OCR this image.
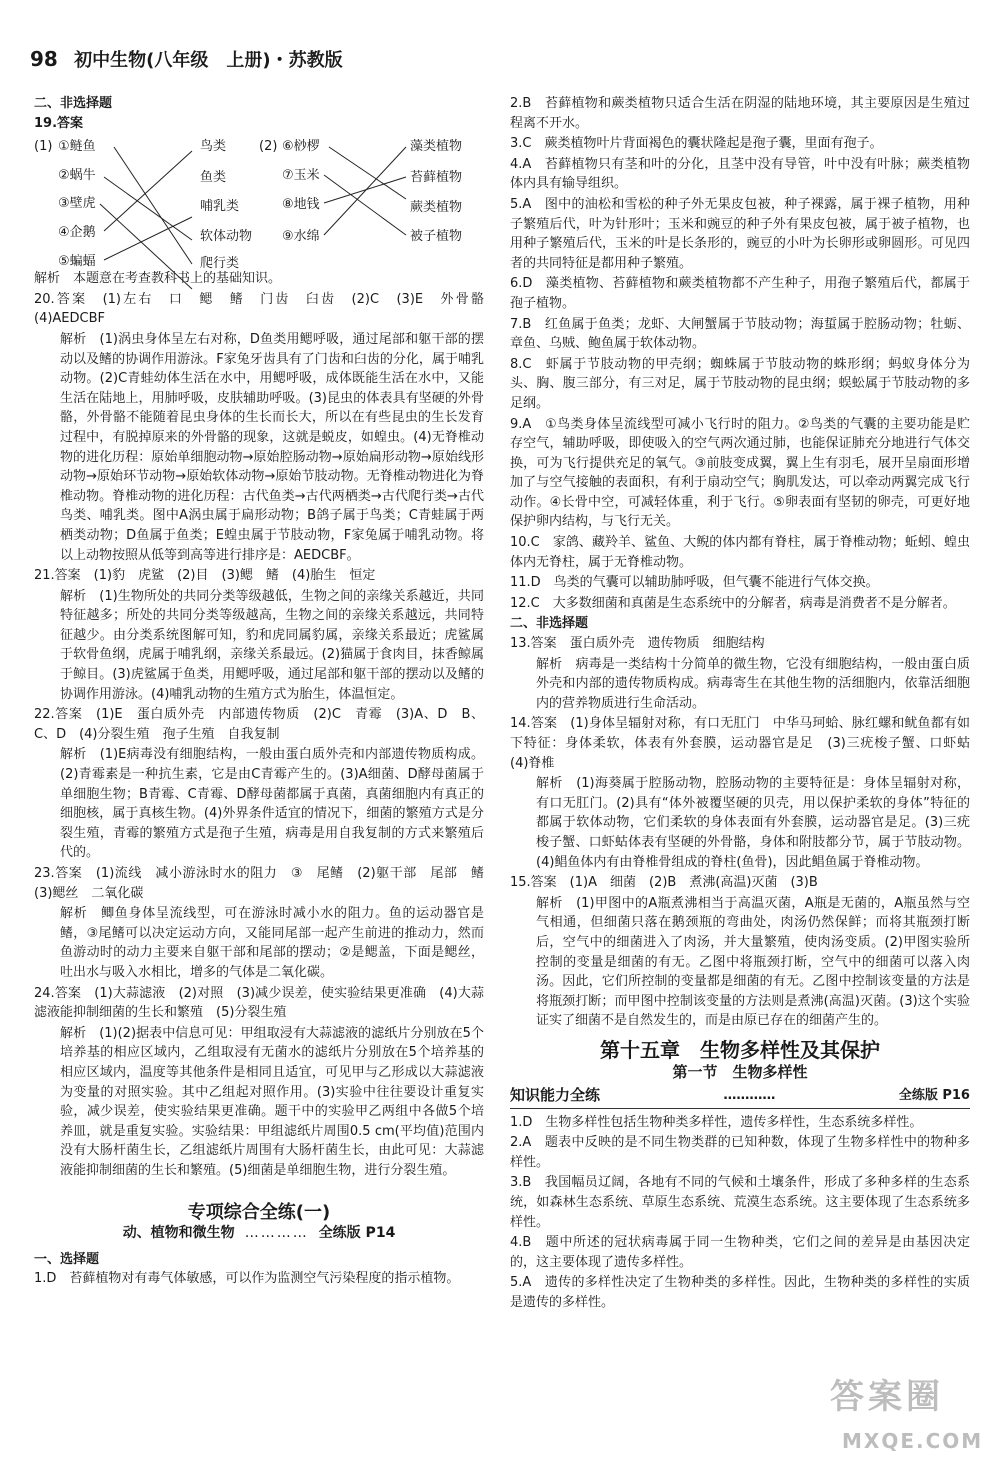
98 初中生物(八年级　上册)・苏教版

二、非选择题

19.答案

(1) ①鲢鱼
②蜗牛
③壁虎
④企鹅
⑤蝙蝠
鸟类
鱼类
哺乳类
软体动物
爬行类
(2) ⑥桫椤
⑦玉米
⑧地钱
⑨水绵
藻类植物
苔藓植物
蕨类植物
被子植物

解析　本题意在考查教科书上的基础知识。

20.答案　(1)左右　口　鳃　鳍　门齿　臼齿　(2)C　(3)E　外骨骼　(4)AEDCBF

解析　(1)涡虫身体呈左右对称，D鱼类用鳃呼吸，通过尾部和躯干部的摆动以及鳍的协调作用游泳。F家兔牙齿具有了门齿和臼齿的分化，属于哺乳动物。(2)C青蛙幼体生活在水中，用鳃呼吸，成体既能生活在水中，又能生活在陆地上，用肺呼吸，皮肤辅助呼吸。(3)昆虫的体表具有坚硬的外骨骼，外骨骼不能随着昆虫身体的生长而长大，所以在有些昆虫的生长发育过程中，有脱掉原来的外骨骼的现象，这就是蜕皮，如蝗虫。(4)无脊椎动物的进化历程：原始单细胞动物→原始腔肠动物→原始扁形动物→原始线形动物→原始环节动物→原始软体动物→原始节肢动物。无脊椎动物进化为脊椎动物。脊椎动物的进化历程：古代鱼类→古代两栖类→古代爬行类→古代鸟类、哺乳类。图中A涡虫属于扁形动物；B鸽子属于鸟类；C青蛙属于两栖类动物；D鱼属于鱼类；E蝗虫属于节肢动物，F家兔属于哺乳动物。将以上动物按照从低等到高等进行排序是：AEDCBF。

21.答案　(1)豹　虎鲨　(2)目　(3)鳃　鳍　(4)胎生　恒定

解析　(1)生物所处的共同分类等级越低，生物之间的亲缘关系越近，共同特征越多；所处的共同分类等级越高，生物之间的亲缘关系越远，共同特征越少。由分类系统图解可知，豹和虎同属豹属，亲缘关系最近；虎鲨属于软骨鱼纲，虎属于哺乳纲，亲缘关系最远。(2)猫属于食肉目，抹香鲸属于鲸目。(3)虎鲨属于鱼类，用鳃呼吸，通过尾部和躯干部的摆动以及鳍的协调作用游泳。(4)哺乳动物的生殖方式为胎生，体温恒定。

22.答案　(1)E　蛋白质外壳　内部遗传物质　(2)C　青霉　(3)A、D　B、C、D　(4)分裂生殖　孢子生殖　自我复制

解析　(1)E病毒没有细胞结构，一般由蛋白质外壳和内部遗传物质构成。(2)青霉素是一种抗生素，它是由C青霉产生的。(3)A细菌、D酵母菌属于单细胞生物；B青霉、C青霉、D酵母菌都属于真菌，真菌细胞内有真正的细胞核，属于真核生物。(4)外界条件适宜的情况下，细菌的繁殖方式是分裂生殖，青霉的繁殖方式是孢子生殖，病毒是用自我复制的方式来繁殖后代的。

23.答案　(1)流线　减小游泳时水的阻力　③　尾鳍　(2)躯干部　尾部　鳍　(3)鳃丝　二氧化碳

解析　鲫鱼身体呈流线型，可在游泳时减小水的阻力。鱼的运动器官是鳍，③尾鳍可以决定运动方向，又能同尾部一起产生前进的推动力，然而鱼游动时的动力主要来自躯干部和尾部的摆动；②是鳃盖，下面是鳃丝，吐出水与吸入水相比，增多的气体是二氧化碳。

24.答案　(1)大蒜滤液　(2)对照　(3)减少误差，使实验结果更准确　(4)大蒜滤液能抑制细菌的生长和繁殖　(5)分裂生殖

解析　(1)(2)据表中信息可见：甲组取浸有大蒜滤液的滤纸片分别放在5个培养基的相应区域内，乙组取浸有无菌水的滤纸片分别放在5个培养基的相应区域内，温度等其他条件是相同且适宜，可见甲与乙形成以大蒜滤液为变量的对照实验。其中乙组起对照作用。(3)实验中往往要设计重复实验，减少误差，使实验结果更准确。题干中的实验甲乙两组中各做5个培养皿，就是重复实验。实验结果：甲组滤纸片周围0.5 cm(平均值)范围内没有大肠杆菌生长，乙组滤纸片周围有大肠杆菌生长，由此可见：大蒜滤液能抑制细菌的生长和繁殖。(5)细菌是单细胞生物，进行分裂生殖。

专项综合全练(一)
动、植物和微生物 ………… 全练版 P14

一、选择题

1.D　苔藓植物对有毒气体敏感，可以作为监测空气污染程度的指示植物。

2.B　苔藓植物和蕨类植物只适合生活在阴湿的陆地环境，其主要原因是生殖过程离不开水。

3.C　蕨类植物叶片背面褐色的囊状隆起是孢子囊，里面有孢子。

4.A　苔藓植物只有茎和叶的分化，且茎中没有导管，叶中没有叶脉；蕨类植物体内具有输导组织。

5.A　图中的油松和雪松的种子外无果皮包被，种子裸露，属于裸子植物，用种子繁殖后代，叶为针形叶；玉米和豌豆的种子外有果皮包被，属于被子植物，也用种子繁殖后代，玉米的叶是长条形的，豌豆的小叶为长卵形或卵圆形。可见四者的共同特征是都用种子繁殖。

6.D　藻类植物、苔藓植物和蕨类植物都不产生种子，用孢子繁殖后代，都属于孢子植物。

7.B　红鱼属于鱼类；龙虾、大闸蟹属于节肢动物；海蜇属于腔肠动物；牡蛎、章鱼、乌贼、鲍鱼属于软体动物。

8.C　虾属于节肢动物的甲壳纲；蜘蛛属于节肢动物的蛛形纲；蚂蚁身体分为头、胸、腹三部分，有三对足，属于节肢动物的昆虫纲；蜈蚣属于节肢动物的多足纲。

9.A　①鸟类身体呈流线型可减小飞行时的阻力。②鸟类的气囊的主要功能是贮存空气，辅助呼吸，即使吸入的空气两次通过肺，也能保证肺充分地进行气体交换，可为飞行提供充足的氧气。③前肢变成翼，翼上生有羽毛，展开呈扇面形增加了与空气接触的表面积，有利于扇动空气；胸肌发达，可以牵动两翼完成飞行动作。④长骨中空，可减轻体重，利于飞行。⑤卵表面有坚韧的卵壳，可更好地保护卵内结构，与飞行无关。

10.C　家鸽、藏羚羊、鲨鱼、大鲵的体内都有脊柱，属于脊椎动物；蚯蚓、蝗虫体内无脊柱，属于无脊椎动物。

11.D　鸟类的气囊可以辅助肺呼吸，但气囊不能进行气体交换。

12.C　大多数细菌和真菌是生态系统中的分解者，病毒是消费者不是分解者。

二、非选择题

13.答案　蛋白质外壳　遗传物质　细胞结构

解析　病毒是一类结构十分简单的微生物，它没有细胞结构，一般由蛋白质外壳和内部的遗传物质构成。病毒寄生在其他生物的活细胞内，依靠活细胞内的营养物质进行生命活动。

14.答案　(1)身体呈辐射对称，有口无肛门　中华马珂蛤、脉红螺和鱿鱼都有如下特征：身体柔软，体表有外套膜，运动器官是足　(3)三疣梭子蟹、口虾蛄　(4)脊椎

解析　(1)海葵属于腔肠动物，腔肠动物的主要特征是：身体呈辐射对称，有口无肛门。(2)具有“体外被覆坚硬的贝壳，用以保护柔软的身体”特征的都属于软体动物，它们柔软的身体表面有外套膜，运动器官是足。(3)三疣梭子蟹、口虾蛄体表有坚硬的外骨骼，身体和附肢都分节，属于节肢动物。(4)鲳鱼体内有由脊椎骨组成的脊柱(鱼骨)，因此鲳鱼属于脊椎动物。

15.答案　(1)A　细菌　(2)B　煮沸(高温)灭菌　(3)B

解析　(1)甲图中的A瓶煮沸相当于高温灭菌，A瓶是无菌的，A瓶虽然与空气相通，但细菌只落在鹅颈瓶的弯曲处，肉汤仍然保鲜；而将其瓶颈打断后，空气中的细菌进入了肉汤，并大量繁殖，使肉汤变质。(2)甲图实验所控制的变量是细菌的有无。乙图中将瓶颈打断，空气中的细菌可以落入肉汤。因此，它们所控制的变量都是细菌的有无。乙图中控制该变量的方法是将瓶颈打断；而甲图中控制该变量的方法则是煮沸(高温)灭菌。(3)这个实验证实了细菌不是自然发生的，而是由原已存在的细菌产生的。

第十五章　生物多样性及其保护
第一节　生物多样性
知识能力全练	…………	全练版 P16

1.D　生物多样性包括生物种类多样性，遗传多样性，生态系统多样性。

2.A　题表中反映的是不同生物类群的已知种数，体现了生物多样性中的物种多样性。

3.B　我国幅员辽阔，各地有不同的气候和土壤条件，形成了多种多样的生态系统，如森林生态系统、草原生态系统、荒漠生态系统。这主要体现了生态系统多样性。

4.B　题中所述的冠状病毒属于同一生物种类，它们之间的差异是由基因决定的，这主要体现了遗传多样性。

5.A　遗传的多样性决定了生物种类的多样性。因此，生物种类的多样性的实质是遗传的多样性。

答案圈
MXQE.COM
